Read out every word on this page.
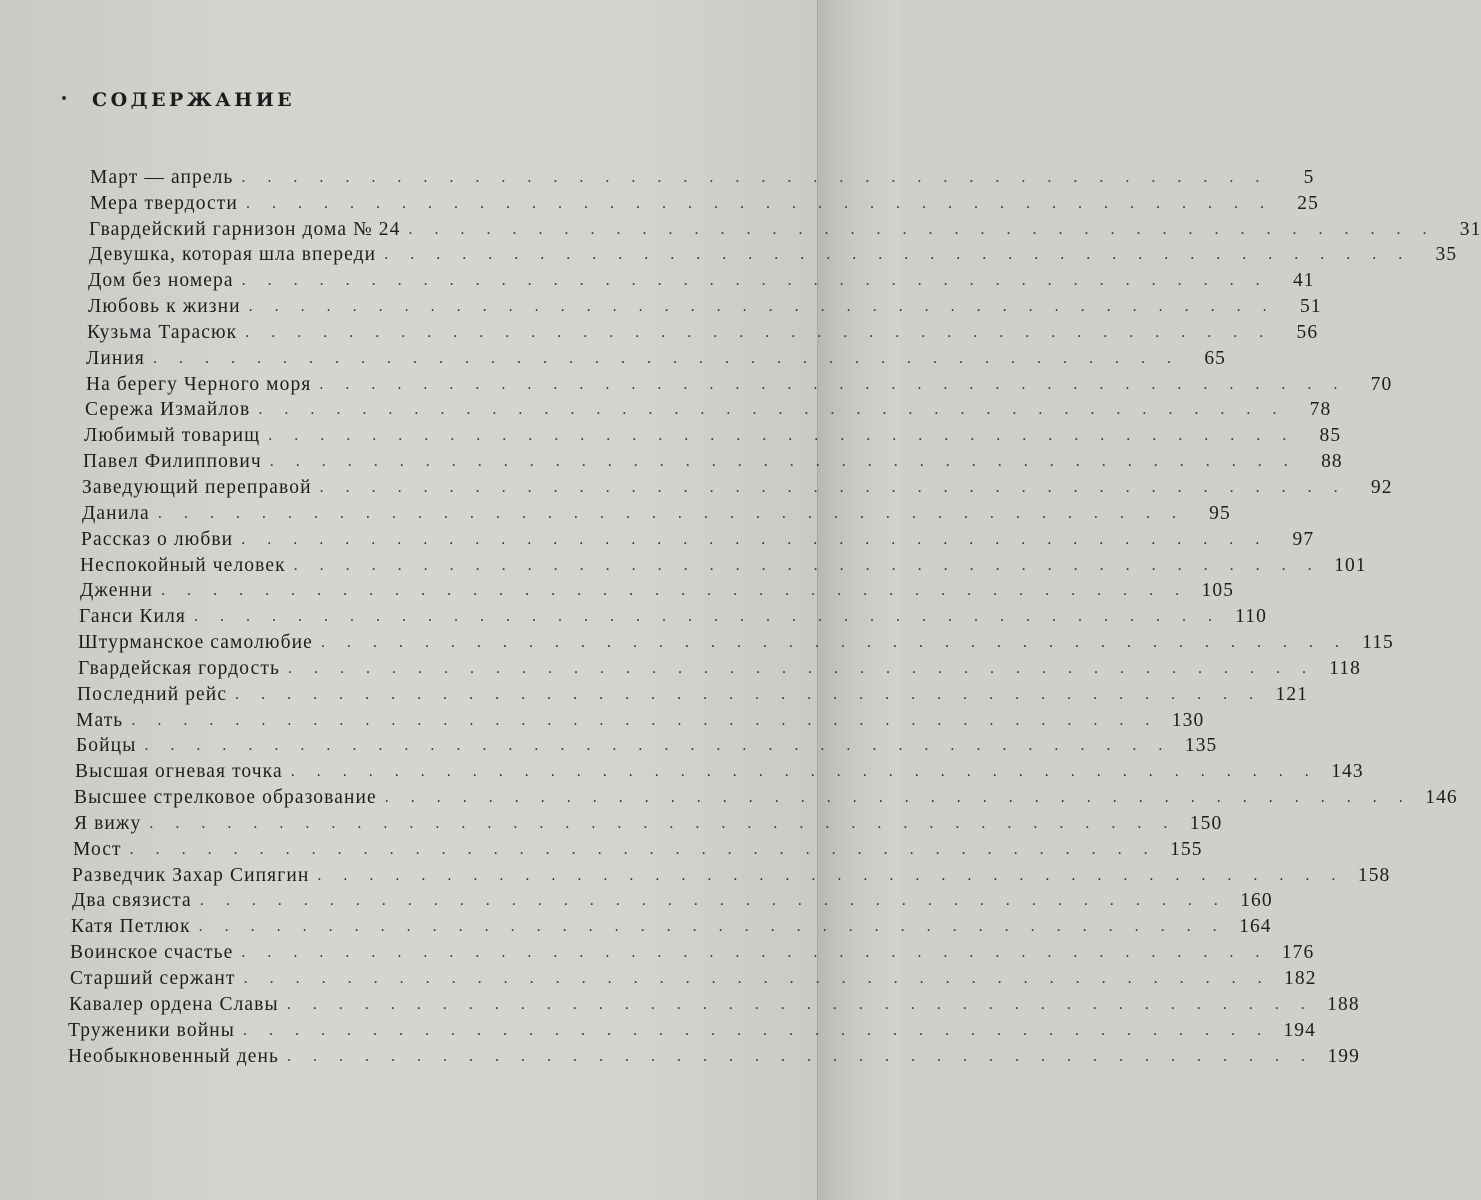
СОДЕРЖАНИЕ
Март — апрель . . . . . . . . . . . . . . . . . . . . . . . . . . . . . . . . . . . . . . . .	5
Мера твердости . . . . . . . . . . . . . . . . . . . . . . . . . . . . . . . . . . . . . . . .	25
Гвардейский гарнизон дома № 24 . . . . . . . . . . . . . . . . . . . . . . . . . . . . . . . . . . . . . . . .	31
Девушка, которая шла впереди . . . . . . . . . . . . . . . . . . . . . . . . . . . . . . . . . . . . . . . .	35
Дом без номера . . . . . . . . . . . . . . . . . . . . . . . . . . . . . . . . . . . . . . . .	41
Любовь к жизни . . . . . . . . . . . . . . . . . . . . . . . . . . . . . . . . . . . . . . . .	51
Кузьма Тарасюк . . . . . . . . . . . . . . . . . . . . . . . . . . . . . . . . . . . . . . . .	56
Линия . . . . . . . . . . . . . . . . . . . . . . . . . . . . . . . . . . . . . . . .	65
На берегу Черного моря . . . . . . . . . . . . . . . . . . . . . . . . . . . . . . . . . . . . . . . .	70
Сережа Измайлов . . . . . . . . . . . . . . . . . . . . . . . . . . . . . . . . . . . . . . . .	78
Любимый товарищ . . . . . . . . . . . . . . . . . . . . . . . . . . . . . . . . . . . . . . . .	85
Павел Филиппович . . . . . . . . . . . . . . . . . . . . . . . . . . . . . . . . . . . . . . . .	88
Заведующий переправой . . . . . . . . . . . . . . . . . . . . . . . . . . . . . . . . . . . . . . . .	92
Данила . . . . . . . . . . . . . . . . . . . . . . . . . . . . . . . . . . . . . . . .	95
Рассказ о любви . . . . . . . . . . . . . . . . . . . . . . . . . . . . . . . . . . . . . . . .	97
Неспокойный человек . . . . . . . . . . . . . . . . . . . . . . . . . . . . . . . . . . . . . . . . 101
Дженни . . . . . . . . . . . . . . . . . . . . . . . . . . . . . . . . . . . . . . . . 105
Ганси Киля . . . . . . . . . . . . . . . . . . . . . . . . . . . . . . . . . . . . . . . . 110
Штурманское самолюбие . . . . . . . . . . . . . . . . . . . . . . . . . . . . . . . . . . . . . . . . 115
Гвардейская гордость . . . . . . . . . . . . . . . . . . . . . . . . . . . . . . . . . . . . . . . . 118
Последний рейс . . . . . . . . . . . . . . . . . . . . . . . . . . . . . . . . . . . . . . . . 121
Мать . . . . . . . . . . . . . . . . . . . . . . . . . . . . . . . . . . . . . . . . 130
Бойцы . . . . . . . . . . . . . . . . . . . . . . . . . . . . . . . . . . . . . . . . 135
Высшая огневая точка . . . . . . . . . . . . . . . . . . . . . . . . . . . . . . . . . . . . . . . . 143
Высшее стрелковое образование . . . . . . . . . . . . . . . . . . . . . . . . . . . . . . . . . . . . . . . . 146
Я вижу . . . . . . . . . . . . . . . . . . . . . . . . . . . . . . . . . . . . . . . . 150
Мост . . . . . . . . . . . . . . . . . . . . . . . . . . . . . . . . . . . . . . . . 155
Разведчик Захар Сипягин . . . . . . . . . . . . . . . . . . . . . . . . . . . . . . . . . . . . . . . . 158
Два связиста . . . . . . . . . . . . . . . . . . . . . . . . . . . . . . . . . . . . . . . . 160
Катя Петлюк . . . . . . . . . . . . . . . . . . . . . . . . . . . . . . . . . . . . . . . . 164
Воинское счастье . . . . . . . . . . . . . . . . . . . . . . . . . . . . . . . . . . . . . . . . 176
Старший сержант . . . . . . . . . . . . . . . . . . . . . . . . . . . . . . . . . . . . . . . . 182
Кавалер ордена Славы . . . . . . . . . . . . . . . . . . . . . . . . . . . . . . . . . . . . . . . . 188
Труженики войны . . . . . . . . . . . . . . . . . . . . . . . . . . . . . . . . . . . . . . . . 194
Необыкновенный день . . . . . . . . . . . . . . . . . . . . . . . . . . . . . . . . . . . . . . . . 199
